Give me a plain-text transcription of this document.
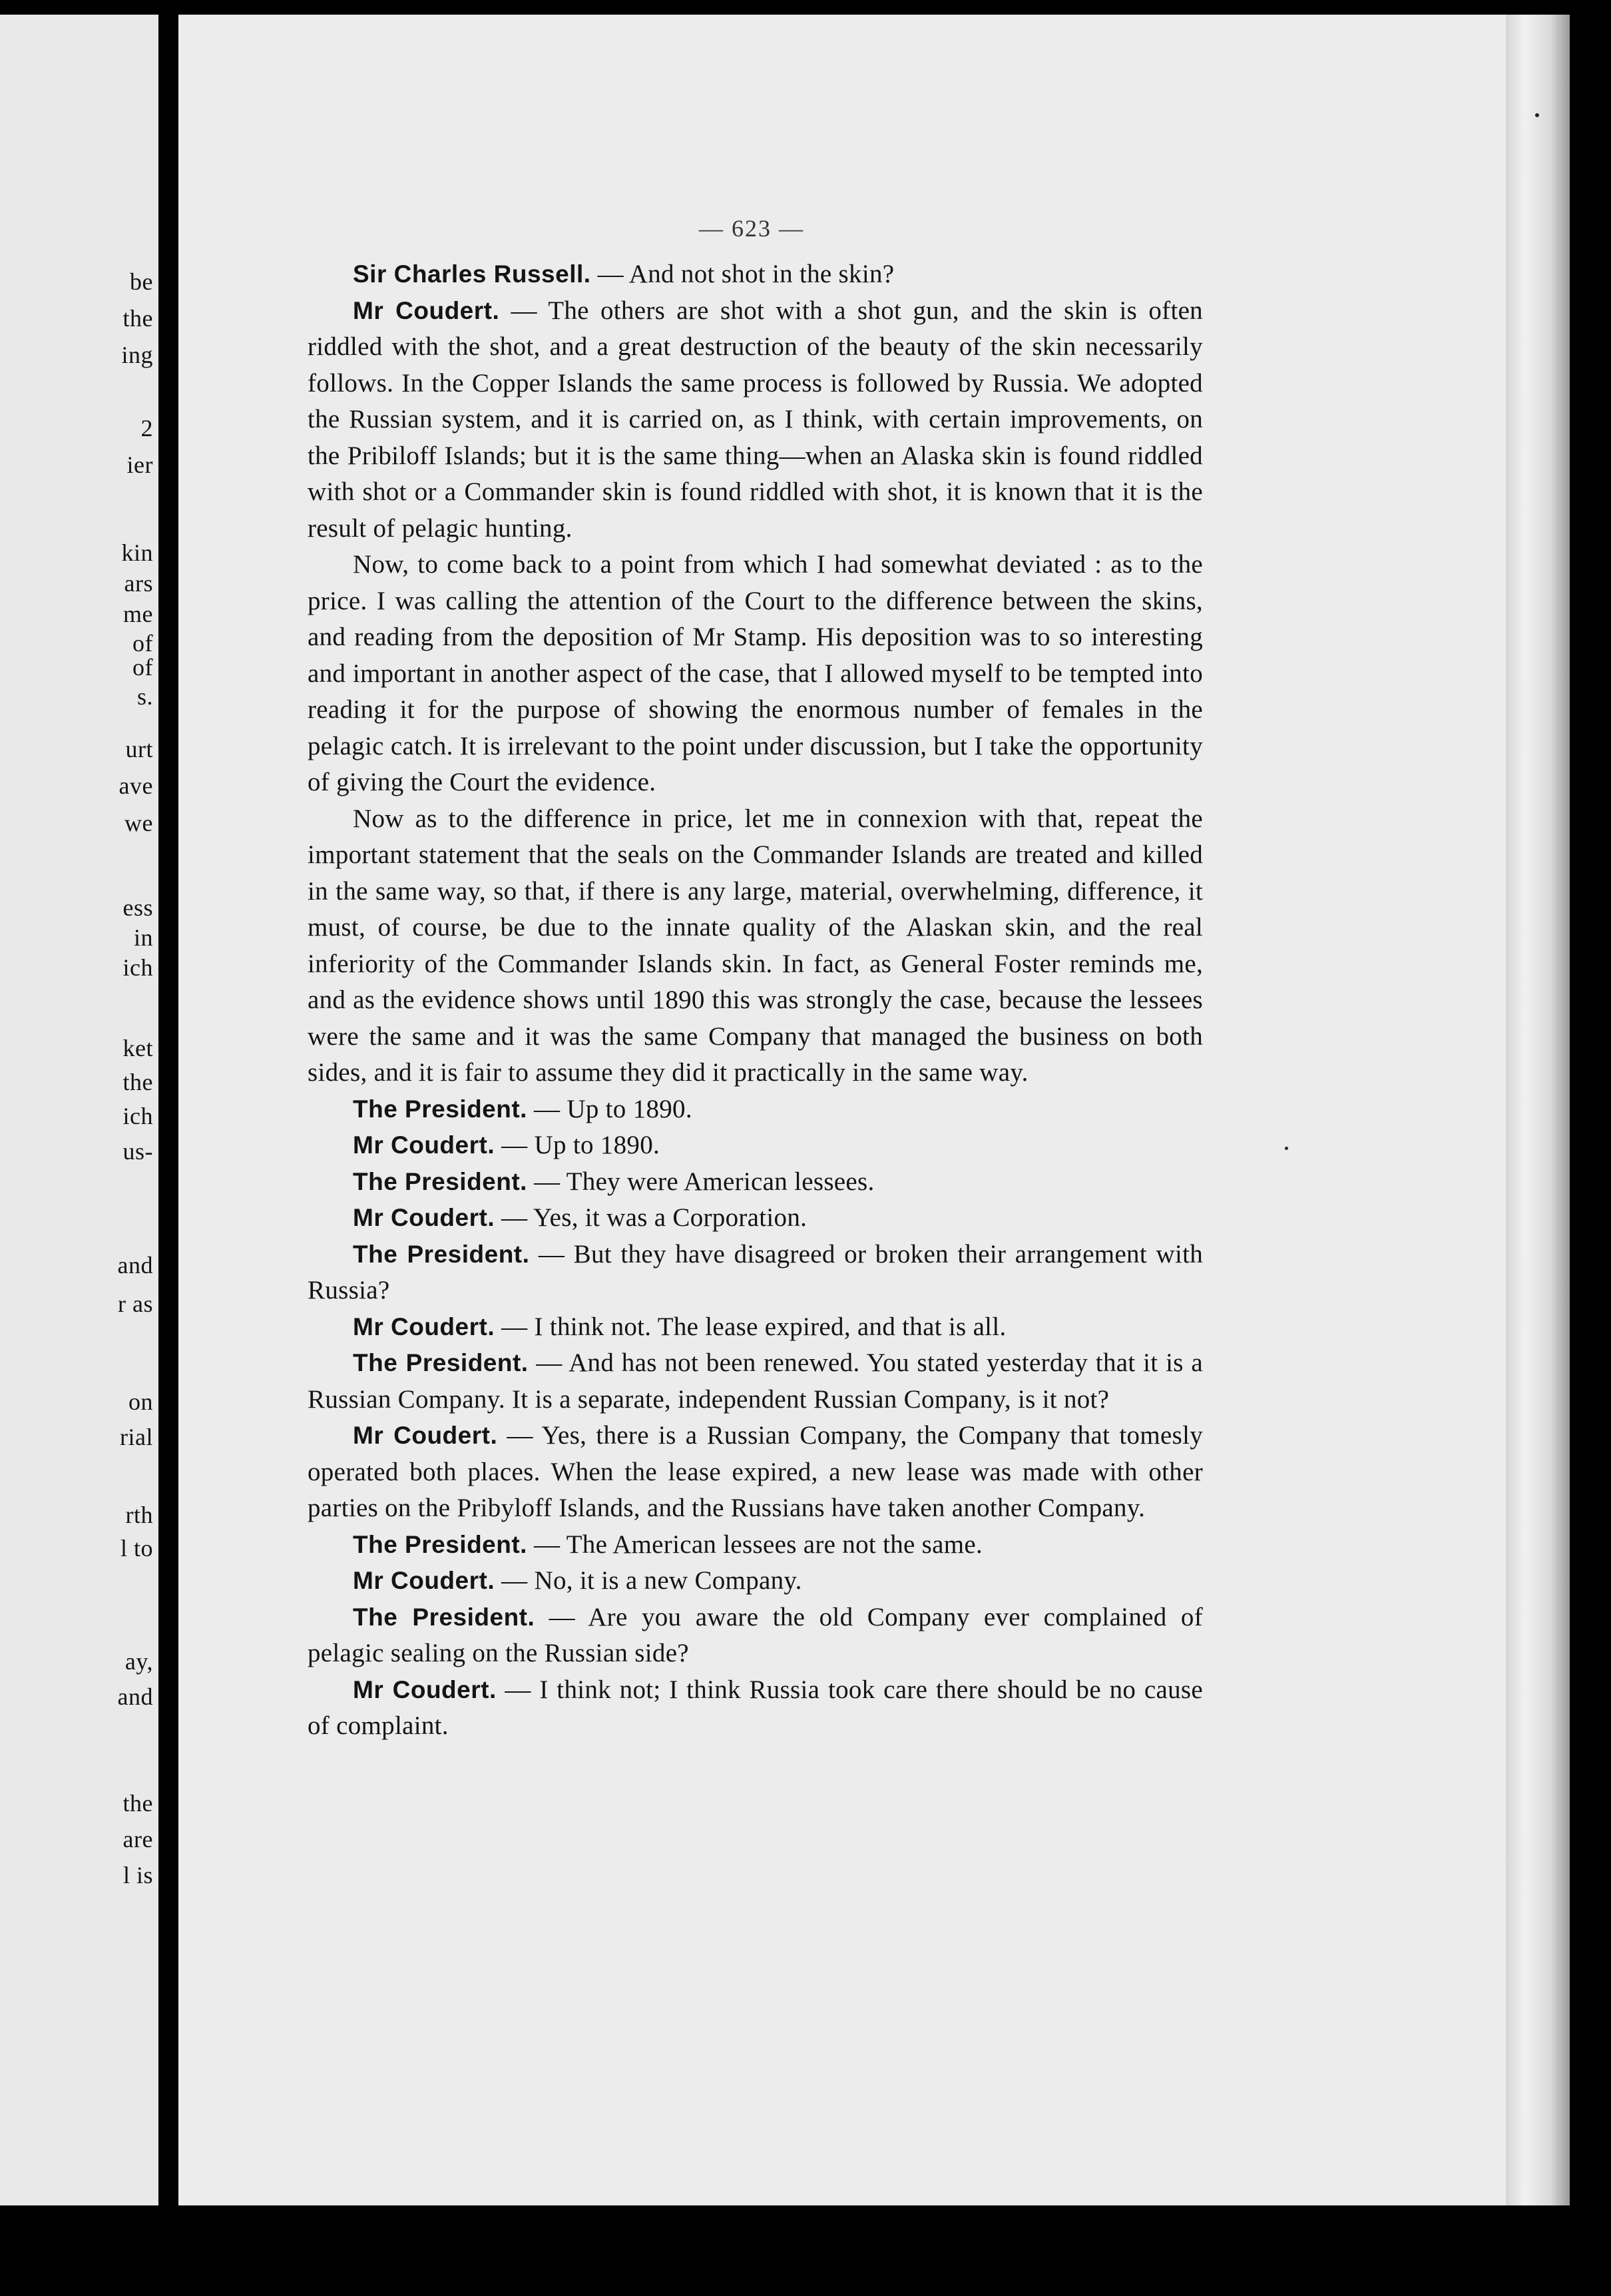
be
the
ing
2
ier
kin
ars
me
of
of
s.
urt
ave
we
ess
in
ich
ket
the
ich
us-
and
r as
on
rial
rth
l to
ay,
and
the
are
l is
— 623 —

Sir Charles Russell. — And not shot in the skin?

Mr Coudert. — The others are shot with a shot gun, and the skin is often riddled with the shot, and a great destruction of the beauty of the skin necessarily follows. In the Copper Islands the same process is followed by Russia. We adopted the Russian system, and it is carried on, as I think, with certain improvements, on the Pribiloff Islands; but it is the same thing—when an Alaska skin is found riddled with shot or a Commander skin is found riddled with shot, it is known that it is the result of pelagic hunting.

Now, to come back to a point from which I had somewhat deviated : as to the price. I was calling the attention of the Court to the difference between the skins, and reading from the deposition of Mr Stamp. His deposition was to so interesting and important in another aspect of the case, that I allowed myself to be tempted into reading it for the purpose of showing the enormous number of females in the pelagic catch. It is irrelevant to the point under discussion, but I take the opportunity of giving the Court the evidence.

Now as to the difference in price, let me in connexion with that, repeat the important statement that the seals on the Commander Islands are treated and killed in the same way, so that, if there is any large, material, overwhelming, difference, it must, of course, be due to the innate quality of the Alaskan skin, and the real inferiority of the Commander Islands skin. In fact, as General Foster reminds me, and as the evidence shows until 1890 this was strongly the case, because the lessees were the same and it was the same Company that managed the business on both sides, and it is fair to assume they did it practically in the same way.

The President. — Up to 1890.

Mr Coudert. — Up to 1890.

The President. — They were American lessees.

Mr Coudert. — Yes, it was a Corporation.

The President. — But they have disagreed or broken their arrangement with Russia?

Mr Coudert. — I think not. The lease expired, and that is all.

The President. — And has not been renewed. You stated yesterday that it is a Russian Company. It is a separate, independent Russian Company, is it not?

Mr Coudert. — Yes, there is a Russian Company, the Company that tomesly operated both places. When the lease expired, a new lease was made with other parties on the Pribyloff Islands, and the Russians have taken another Company.

The President. — The American lessees are not the same.

Mr Coudert. — No, it is a new Company.

The President. — Are you aware the old Company ever complained of pelagic sealing on the Russian side?

Mr Coudert. — I think not; I think Russia took care there should be no cause of complaint.
